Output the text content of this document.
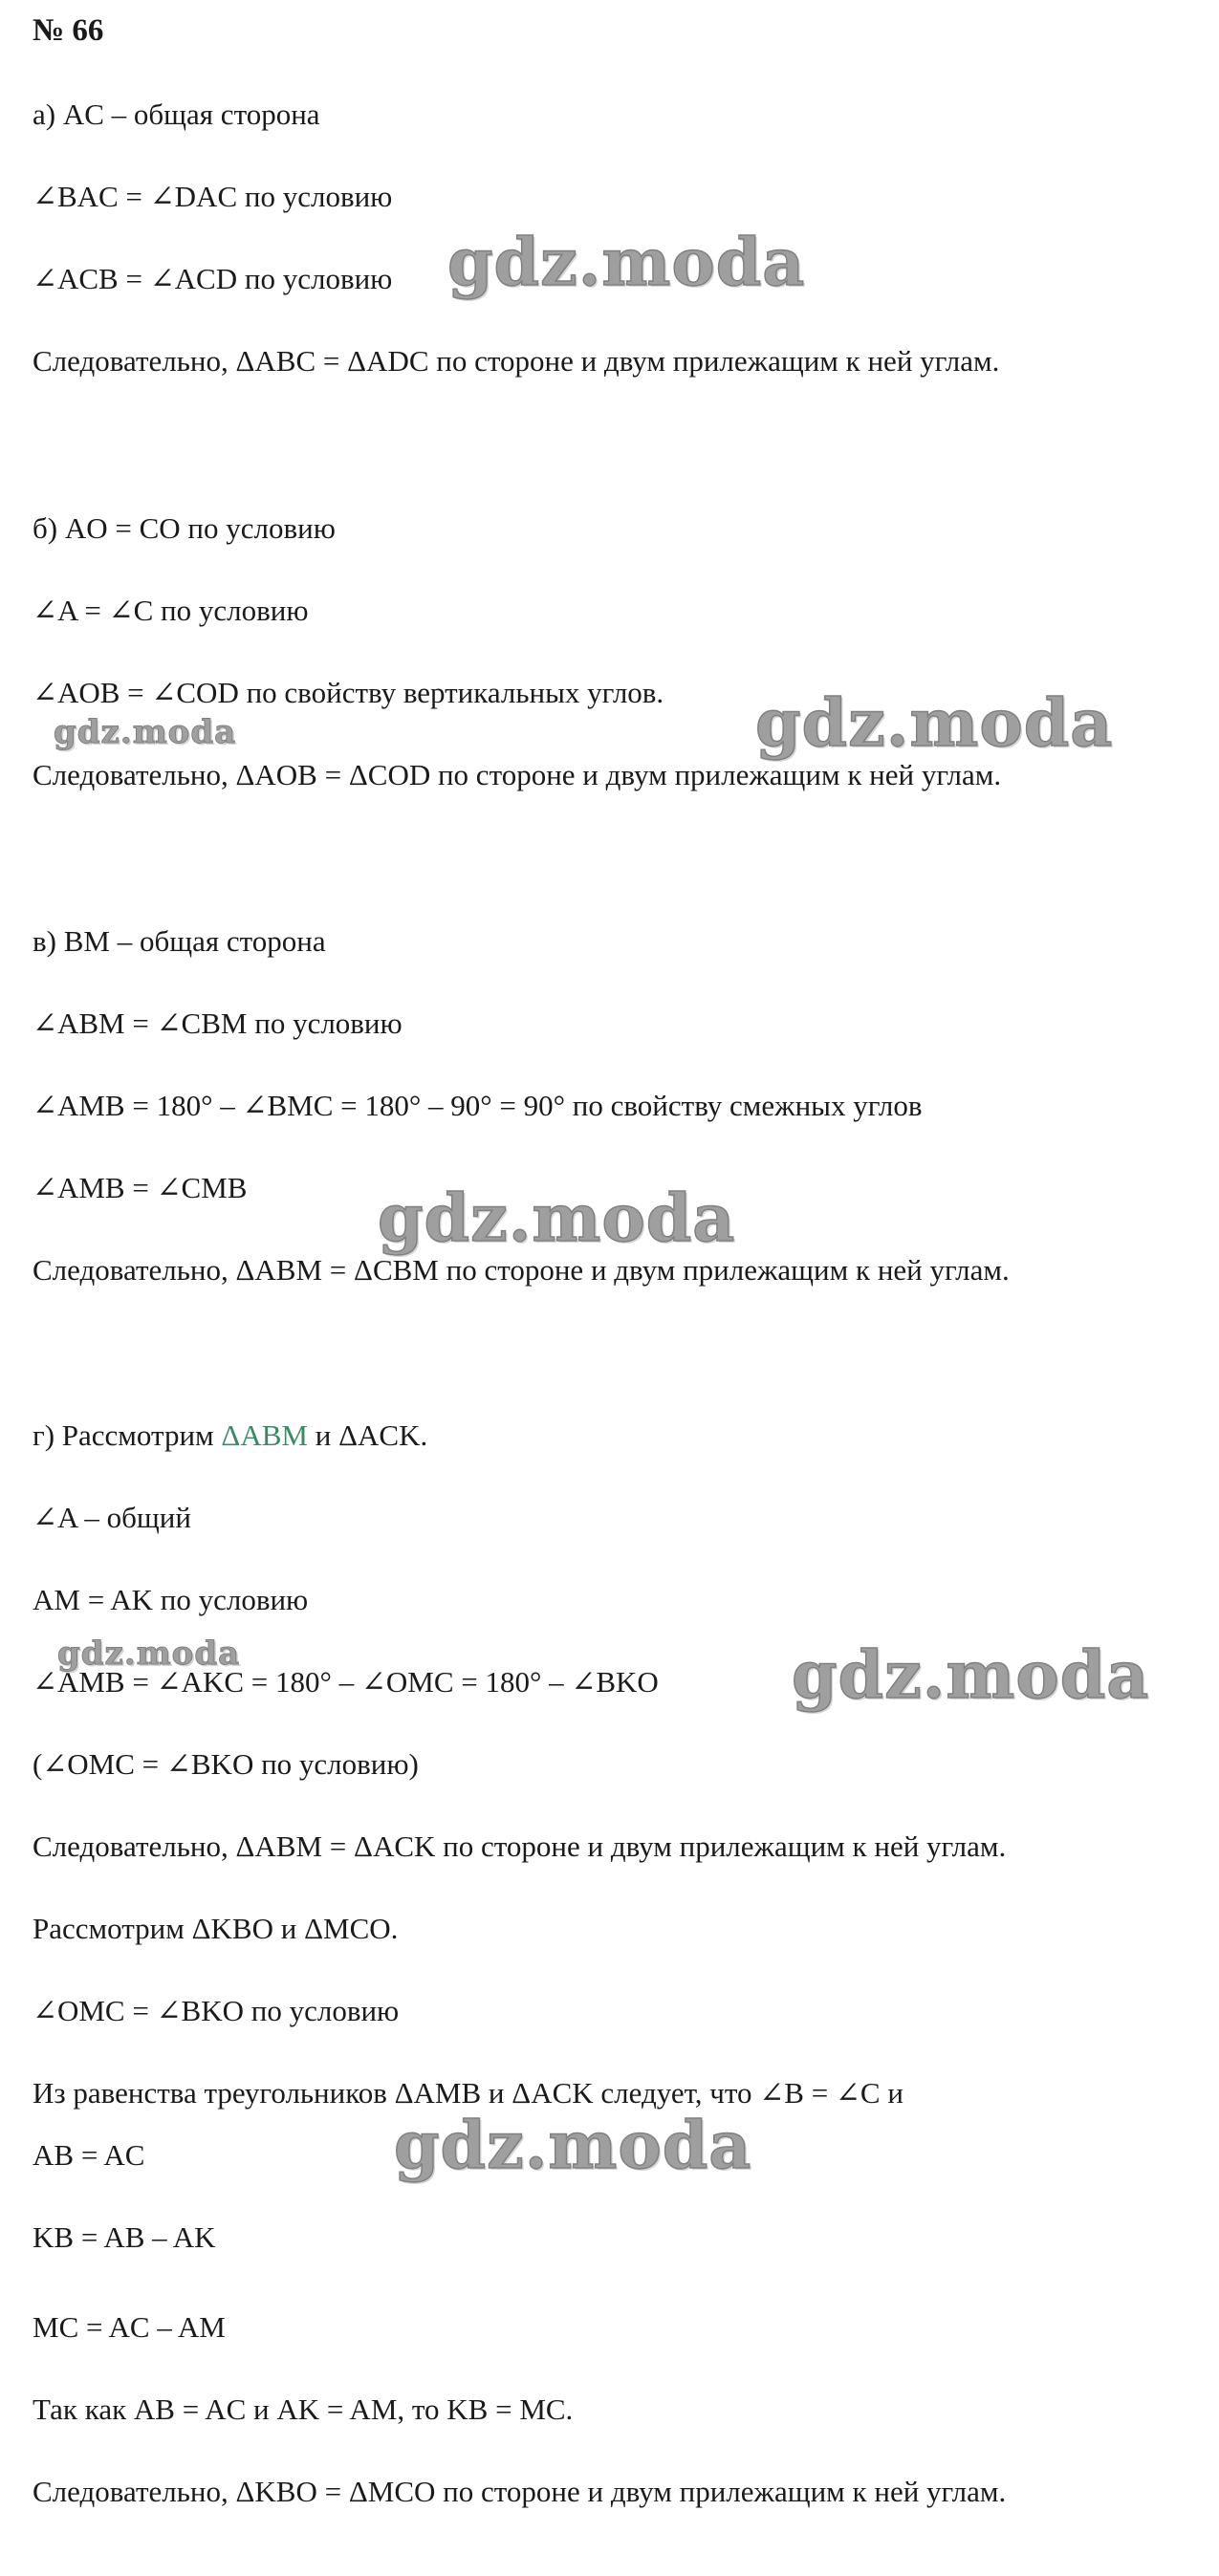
№ 66
а) AC – общая сторона
∠BAC = ∠DAC по условию
∠ACB = ∠ACD по условию
Следовательно, ΔABC = ΔADC по стороне и двум прилежащим к ней углам.
б) AO = CO по условию
∠A = ∠C по условию
∠AOB = ∠COD по свойству вертикальных углов.
Следовательно, ΔAOB = ΔCOD по стороне и двум прилежащим к ней углам.
в) BM – общая сторона
∠ABM = ∠CBM по условию
∠AMB = 180° – ∠BMC = 180° – 90° = 90° по свойству смежных углов
∠AMB = ∠CMB
Следовательно, ΔABM = ΔCBM по стороне и двум прилежащим к ней углам.
г) Рассмотрим ΔABM и ΔACK.
∠A – общий
AM = AK по условию
∠AMB = ∠AKC = 180° – ∠OMC = 180° – ∠BKO
(∠OMC = ∠BKO по условию)
Следовательно, ΔABM = ΔACK по стороне и двум прилежащим к ней углам.
Рассмотрим ΔKBO и ΔMCO.
∠OMC = ∠BKO по условию
Из равенства треугольников ΔAMB и ΔACK следует, что ∠B = ∠C и
AB = AC
KB = AB – AK
MC = AC – AM
Так как AB = AC и AK = AM, то KB = MC.
Следовательно, ΔKBO = ΔMCO по стороне и двум прилежащим к ней углам.
gdz.moda
gdz.moda
gdz.moda
gdz.moda
gdz.moda	gdz.moda
gdz.moda
